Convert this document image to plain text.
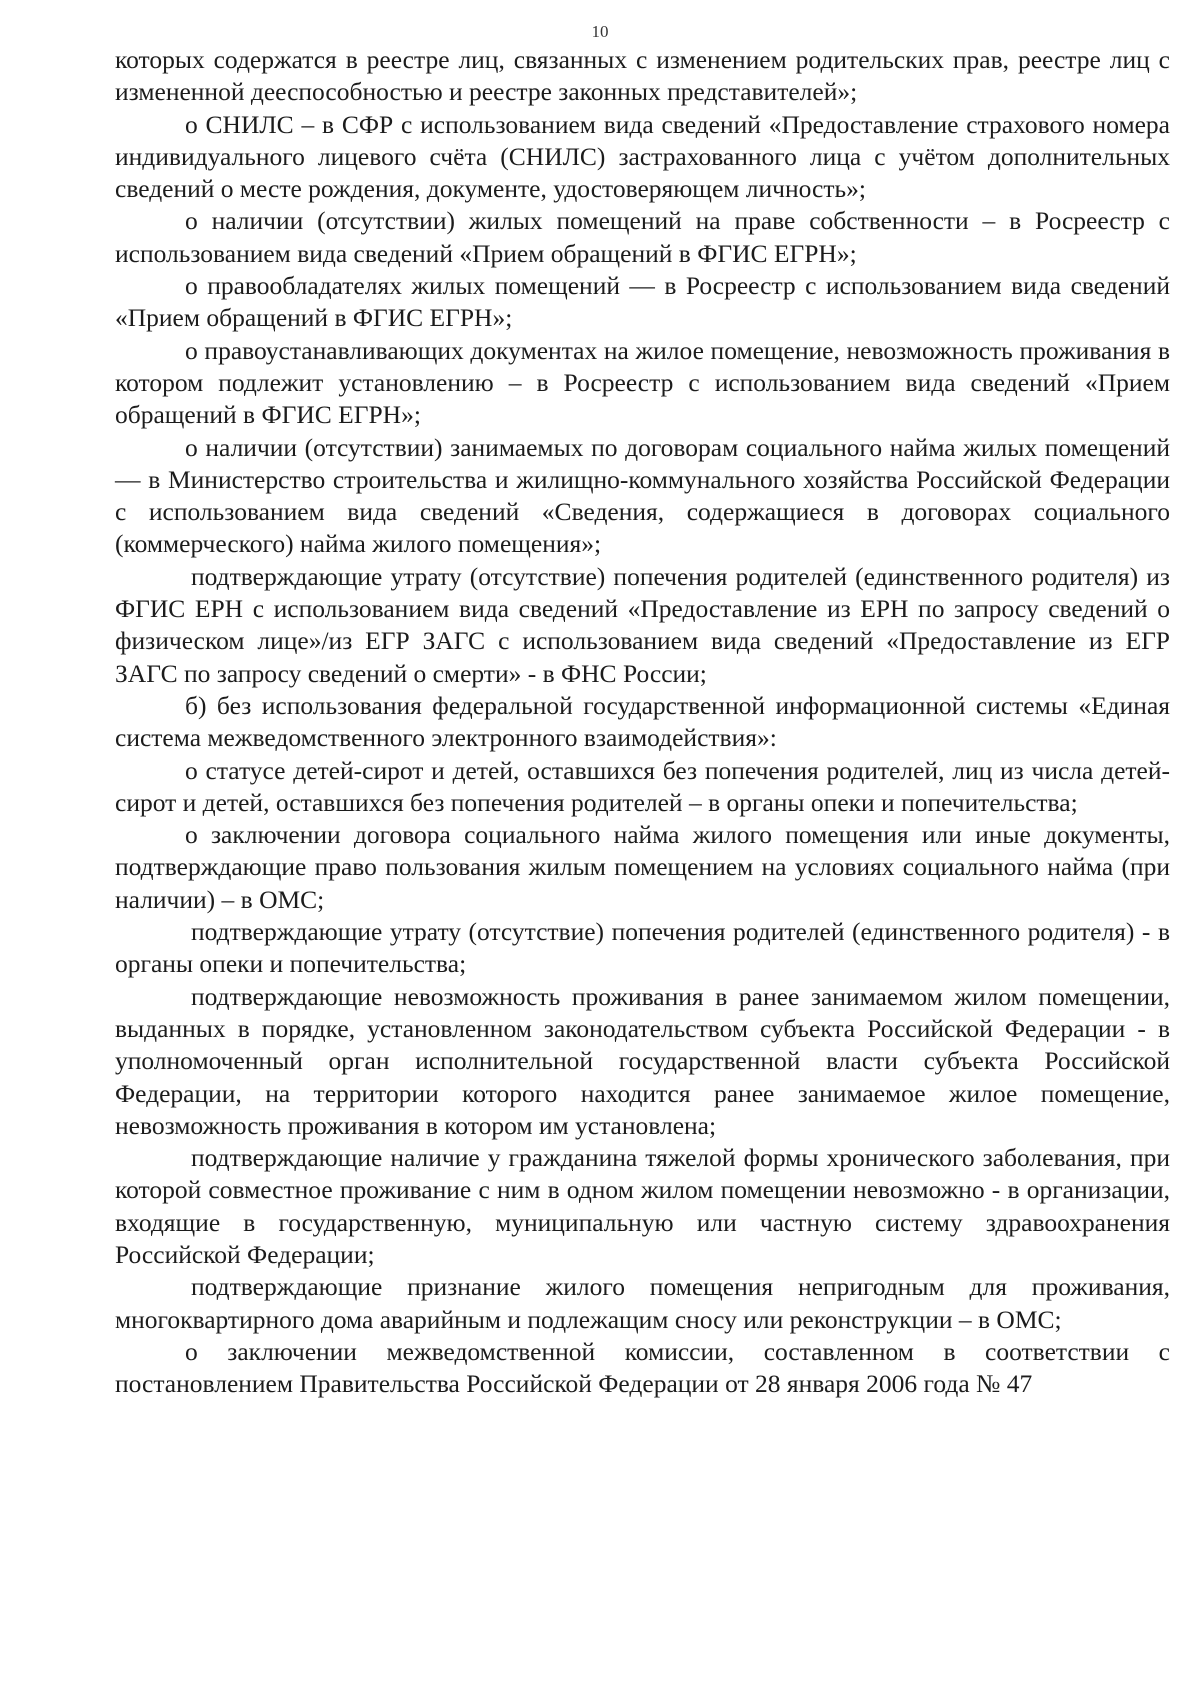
10

которых содержатся в реестре лиц, связанных с изменением родительских прав, реестре лиц с измененной дееспособностью и реестре законных представителей»;

о СНИЛС – в СФР с использованием вида сведений «Предоставление страхового номера индивидуального лицевого счёта (СНИЛС) застрахованного лица с учётом дополнительных сведений о месте рождения, документе, удостоверяющем личность»;

о наличии (отсутствии) жилых помещений на праве собственности – в Росреестр с использованием вида сведений «Прием обращений в ФГИС ЕГРН»;

о правообладателях жилых помещений — в Росреестр с использованием вида сведений «Прием обращений в ФГИС ЕГРН»;

о правоустанавливающих документах на жилое помещение, невозможность проживания в котором подлежит установлению – в Росреестр с использованием вида сведений «Прием обращений в ФГИС ЕГРН»;

о наличии (отсутствии) занимаемых по договорам социального найма жилых помещений — в Министерство строительства и жилищно-коммунального хозяйства Российской Федерации с использованием вида сведений «Сведения, содержащиеся в договорах социального (коммерческого) найма жилого помещения»;

подтверждающие утрату (отсутствие) попечения родителей (единственного родителя) из ФГИС ЕРН с использованием вида сведений «Предоставление из ЕРН по запросу сведений о физическом лице»/из ЕГР ЗАГС с использованием вида сведений «Предоставление из ЕГР ЗАГС по запросу сведений о смерти» - в ФНС России;

б) без использования федеральной государственной информационной системы «Единая система межведомственного электронного взаимодействия»:

о статусе детей-сирот и детей, оставшихся без попечения родителей, лиц из числа детей-сирот и детей, оставшихся без попечения родителей – в органы опеки и попечительства;

о заключении договора социального найма жилого помещения или иные документы, подтверждающие право пользования жилым помещением на условиях социального найма (при наличии) – в ОМС;

подтверждающие утрату (отсутствие) попечения родителей (единственного родителя) - в органы опеки и попечительства;

подтверждающие невозможность проживания в ранее занимаемом жилом помещении, выданных в порядке, установленном законодательством субъекта Российской Федерации - в уполномоченный орган исполнительной государственной власти субъекта Российской Федерации, на территории которого находится ранее занимаемое жилое помещение, невозможность проживания в котором им установлена;

подтверждающие наличие у гражданина тяжелой формы хронического заболевания, при которой совместное проживание с ним в одном жилом помещении невозможно - в организации, входящие в государственную, муниципальную или частную систему здравоохранения Российской Федерации;

подтверждающие признание жилого помещения непригодным для проживания, многоквартирного дома аварийным и подлежащим сносу или реконструкции – в ОМС;

о заключении межведомственной комиссии, составленном в соответствии с постановлением Правительства Российской Федерации от 28 января 2006 года № 47
